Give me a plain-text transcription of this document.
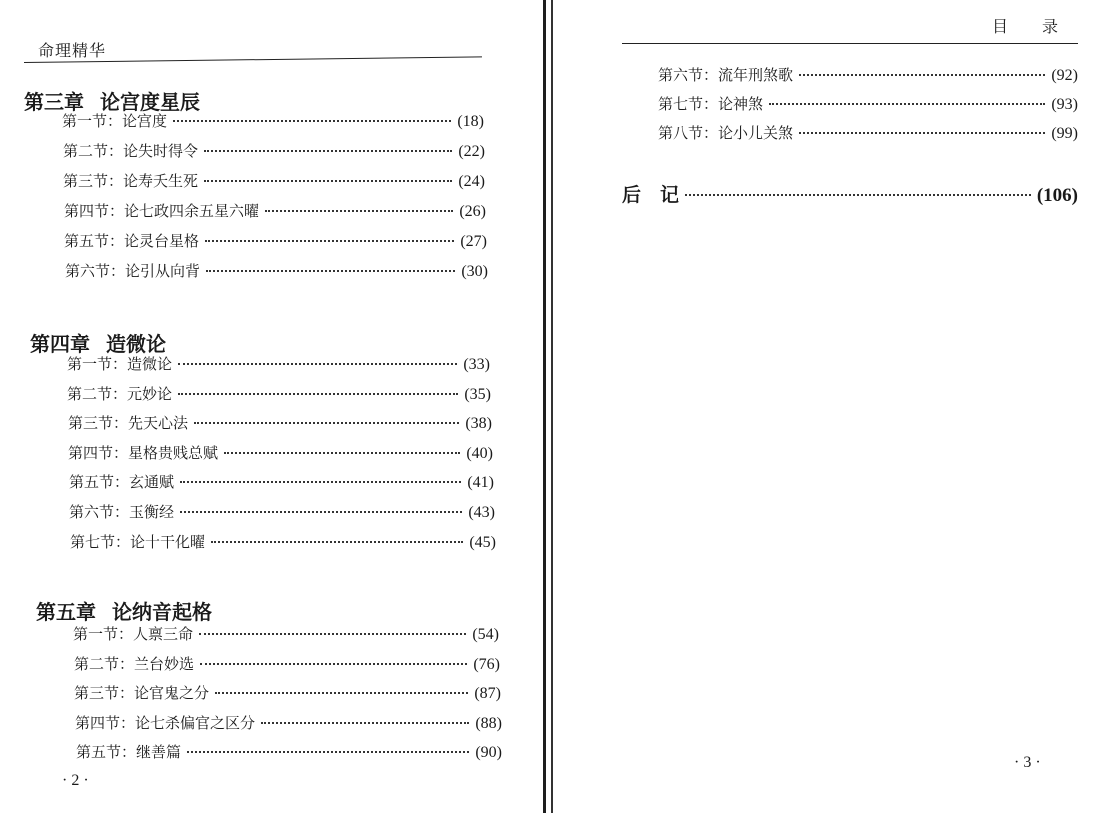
命理精华
第三章 论宫度星辰
第一节：论宫度	(18)
第二节：论失时得令	(22)
第三节：论寿夭生死	(24)
第四节：论七政四余五星六曜	(26)
第五节：论灵台星格	(27)
第六节：论引从向背	(30)
第四章 造微论
第一节：造微论	(33)
第二节：元妙论	(35)
第三节：先天心法	(38)
第四节：星格贵贱总赋	(40)
第五节：玄通赋	(41)
第六节：玉衡经	(43)
第七节：论十干化曜	(45)
第五章 论纳音起格
第一节：人禀三命	(54)
第二节：兰台妙选	(76)
第三节：论官鬼之分	(87)
第四节：论七杀偏官之区分	(88)
第五节：继善篇	(90)
· 2 ·
目 录
第六节：流年刑煞歌	(92)
第七节：论神煞	(93)
第八节：论小儿关煞	(99)
后　记	(106)
· 3 ·
